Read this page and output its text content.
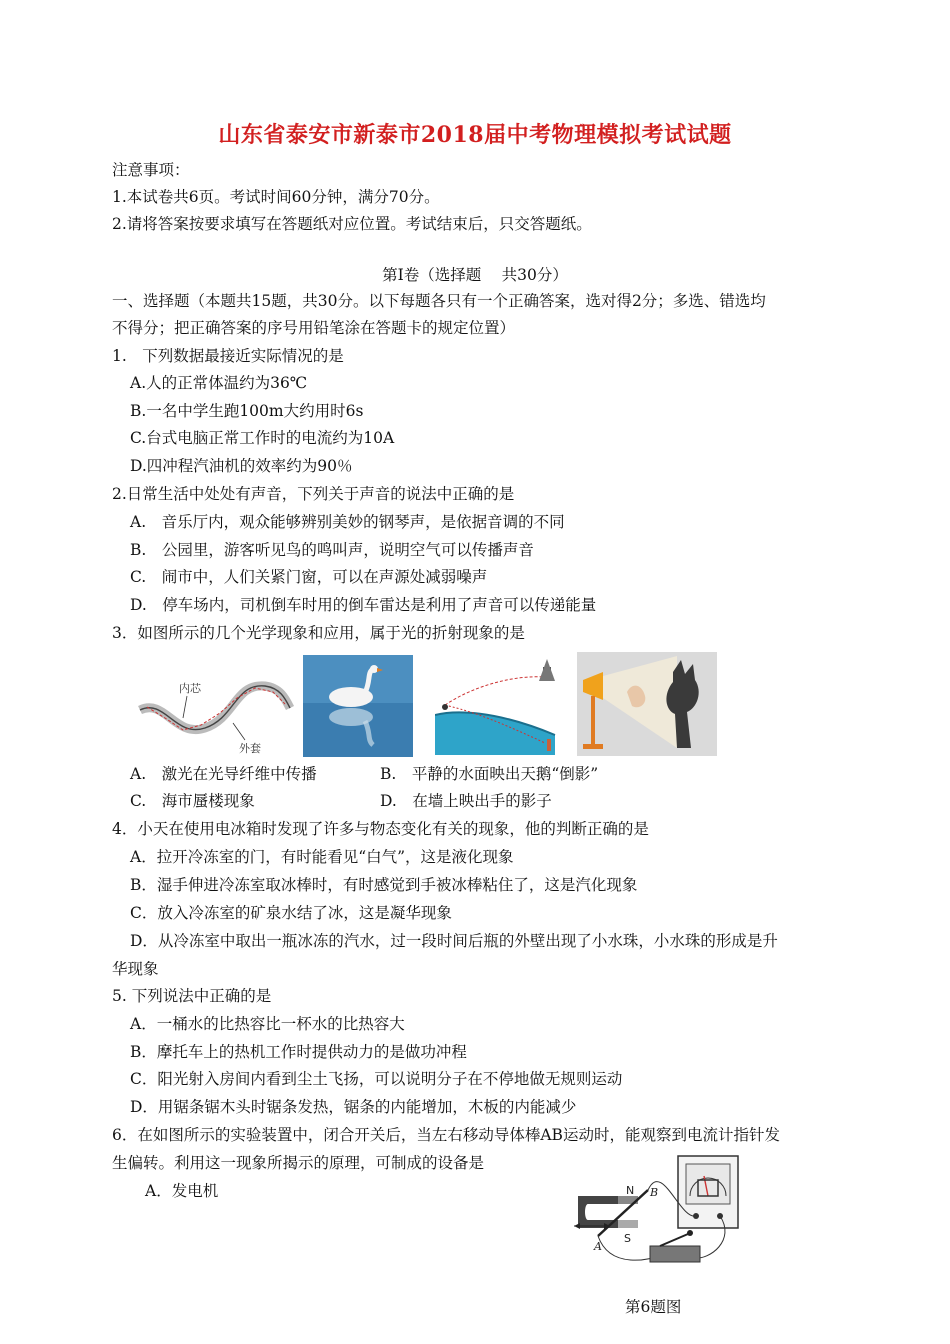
山东省泰安市新泰市2018届中考物理模拟考试试题
注意事项：
1.本试卷共6页。考试时间60分钟，满分70分。
2.请将答案按要求填写在答题纸对应位置。考试结束后，只交答题纸。
第Ⅰ卷（选择题　 共30分）
一、选择题（本题共15题，共30分。以下每题各只有一个正确答案，选对得2分；多选、错选均
不得分；把正确答案的序号用铅笔涂在答题卡的规定位置）
1.　下列数据最接近实际情况的是
A.人的正常体温约为36℃
B.一名中学生跑100m大约用时6s
C.台式电脑正常工作时的电流约为10A
D.四冲程汽油机的效率约为90％
2.日常生活中处处有声音，下列关于声音的说法中正确的是
A.　音乐厅内，观众能够辨别美妙的钢琴声，是依据音调的不同
B.　公园里，游客听见鸟的鸣叫声，说明空气可以传播声音
C.　闹市中，人们关紧门窗，可以在声源处减弱噪声
D.　停车场内，司机倒车时用的倒车雷达是利用了声音可以传递能量
3．如图所示的几个光学现象和应用，属于光的折射现象的是
内芯
外套
A.　激光在光导纤维中传播	B.　平静的水面映出天鹅“倒影”
C.　海市蜃楼现象	D.　在墙上映出手的影子
4．小天在使用电冰箱时发现了许多与物态变化有关的现象，他的判断正确的是
A．拉开冷冻室的门，有时能看见“白气”，这是液化现象
B．湿手伸进冷冻室取冰棒时，有时感觉到手被冰棒粘住了，这是汽化现象
C．放入冷冻室的矿泉水结了冰，这是凝华现象
D．从冷冻室中取出一瓶冰冻的汽水，过一段时间后瓶的外壁出现了小水珠，小水珠的形成是升
华现象
5. 下列说法中正确的是
A．一桶水的比热容比一杯水的比热容大
B．摩托车上的热机工作时提供动力的是做功冲程
C．阳光射入房间内看到尘土飞扬，可以说明分子在不停地做无规则运动
D．用锯条锯木头时锯条发热，锯条的内能增加，木板的内能减少
6．在如图所示的实验装置中，闭合开关后，当左右移动导体棒AB运动时，能观察到电流计指针发
生偏转。利用这一现象所揭示的原理，可制成的设备是
A．发电机	N
S
B
A
第6题图
